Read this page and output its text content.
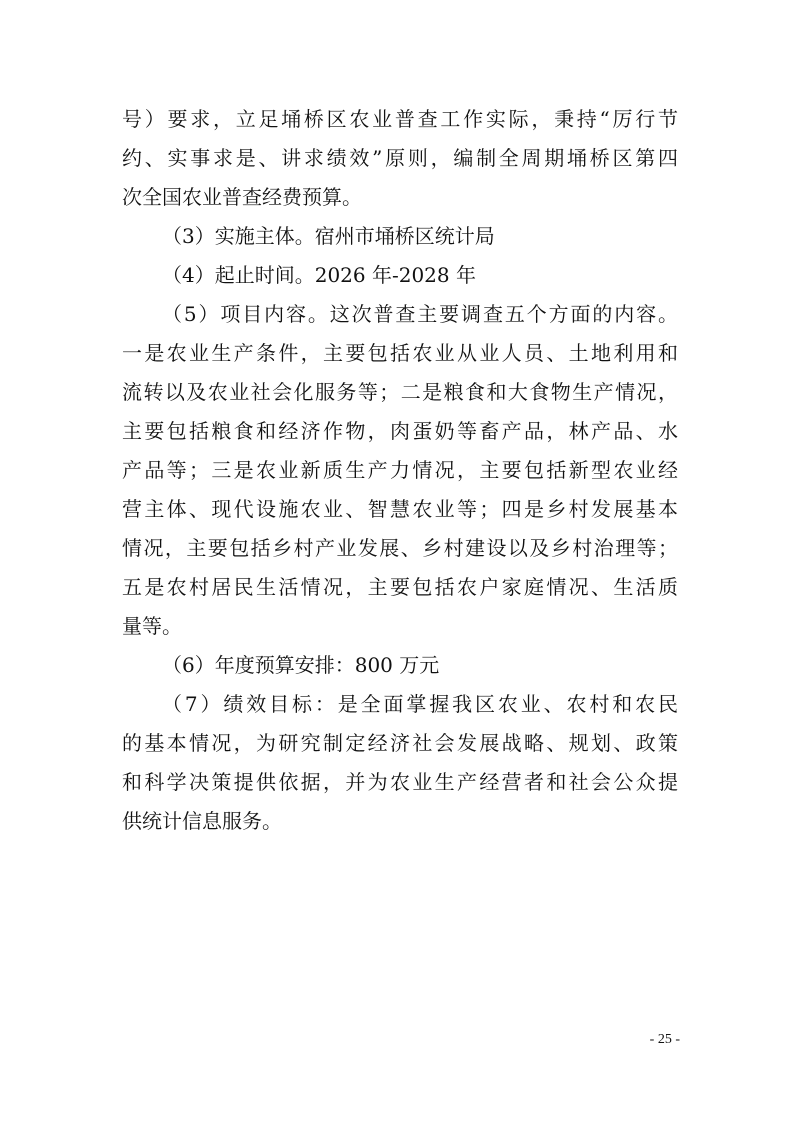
号）要求，立足埇桥区农业普查工作实际，秉持“厉行节
约、实事求是、讲求绩效”原则，编制全周期埇桥区第四
次全国农业普查经费预算。
（3）实施主体。宿州市埇桥区统计局
（4）起止时间。2026 年-2028 年
（5）项目内容。这次普查主要调查五个方面的内容。
一是农业生产条件，主要包括农业从业人员、土地利用和
流转以及农业社会化服务等；二是粮食和大食物生产情况，
主要包括粮食和经济作物，肉蛋奶等畜产品，林产品、水
产品等；三是农业新质生产力情况，主要包括新型农业经
营主体、现代设施农业、智慧农业等；四是乡村发展基本
情况，主要包括乡村产业发展、乡村建设以及乡村治理等；
五是农村居民生活情况，主要包括农户家庭情况、生活质
量等。
（6）年度预算安排：800 万元
（7）绩效目标：是全面掌握我区农业、农村和农民
的基本情况，为研究制定经济社会发展战略、规划、政策
和科学决策提供依据，并为农业生产经营者和社会公众提
供统计信息服务。
- 25 -
